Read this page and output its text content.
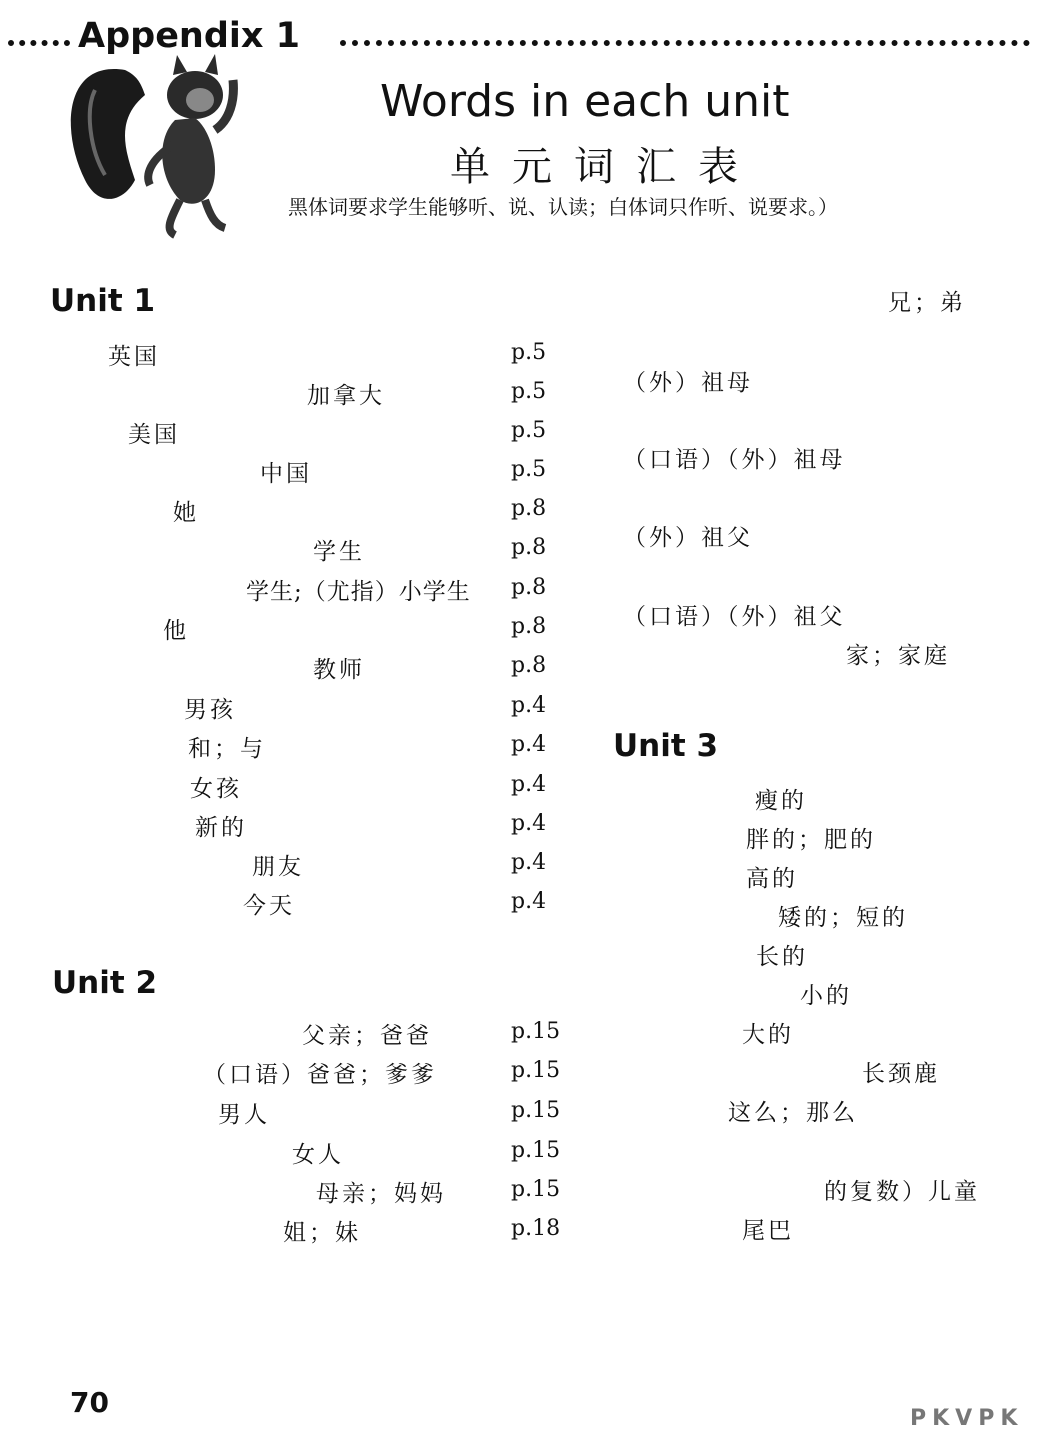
Appendix 1
Words in each unit
单元词汇表
黑体词要求学生能够听、说、认读；白体词只作听、说要求。）
Unit 1
英国	p.5
加拿大	p.5
美国	p.5
中国	p.5
她	p.8
学生	p.8
学生;（尤指）小学生 p.8
他	p.8
教师	p.8
男孩	p.4
和；与	p.4
女孩	p.4
新的	p.4
朋友	p.4
今天	p.4
Unit 2
父亲；爸爸	p.15
（口语）爸爸；爹爹	p.15
男人	p.15
女人	p.15
母亲；妈妈	p.15
姐；妹	p.18
兄；弟
（外）祖母
（口语）（外）祖母
（外）祖父
（口语）（外）祖父
家；家庭
Unit 3
瘦的
胖的；肥的
高的
矮的；短的
长的
小的
大的
长颈鹿
这么；那么
的复数）儿童
尾巴
70	PKVPK
